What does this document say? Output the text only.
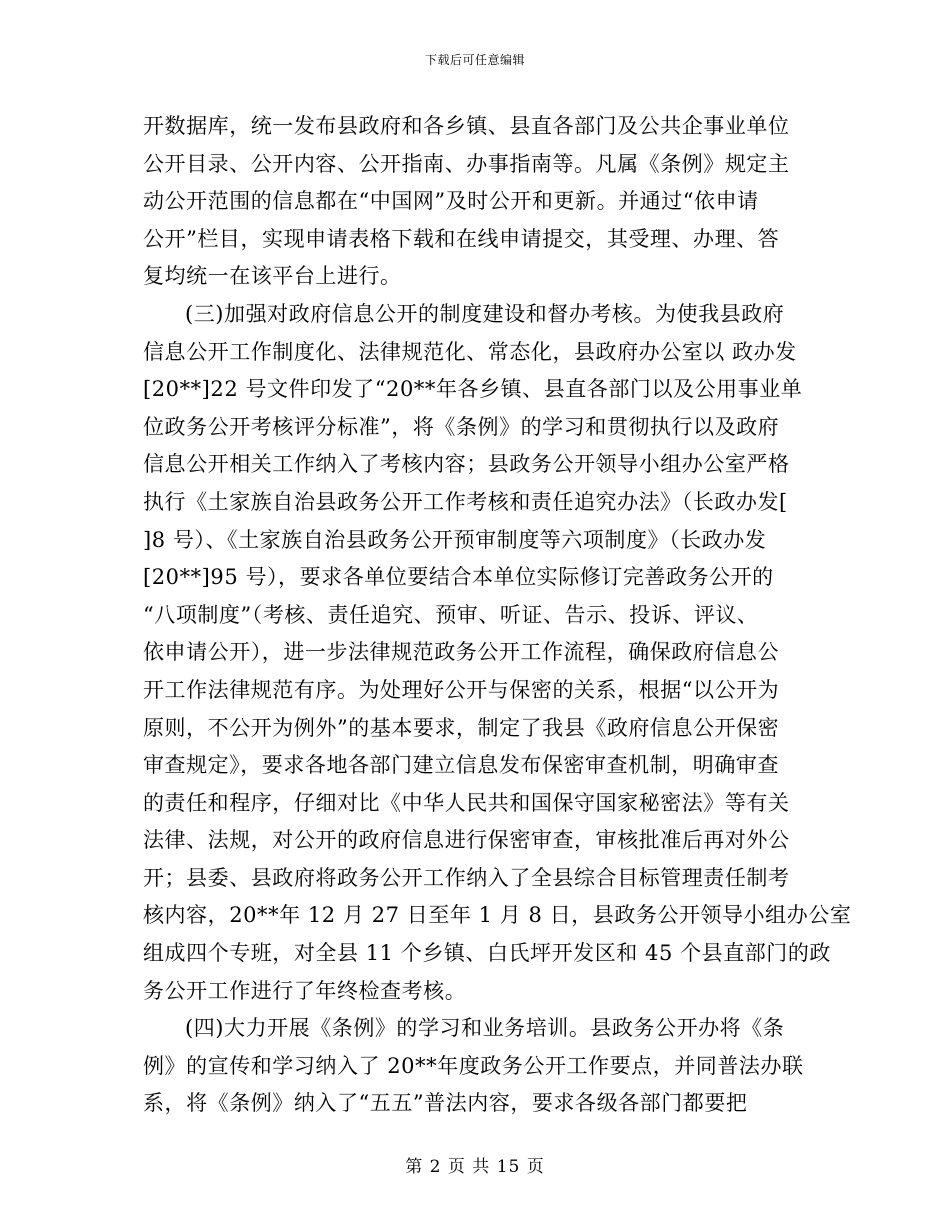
下载后可任意编辑
开数据库，统一发布县政府和各乡镇、县直各部门及公共企事业单位
公开目录、公开内容、公开指南、办事指南等。凡属《条例》规定主
动公开范围的信息都在“中国网”及时公开和更新。并通过“依申请
公开”栏目，实现申请表格下载和在线申请提交，其受理、办理、答
复均统一在该平台上进行。
(三)加强对政府信息公开的制度建设和督办考核。为使我县政府
信息公开工作制度化、法律规范化、常态化，县政府办公室以 政办发
[20**]22 号文件印发了“20**年各乡镇、县直各部门以及公用事业单
位政务公开考核评分标准”，将《条例》的学习和贯彻执行以及政府
信息公开相关工作纳入了考核内容；县政务公开领导小组办公室严格
执行《土家族自治县政务公开工作考核和责任追究办法》（长政办发[
]8 号）、《土家族自治县政务公开预审制度等六项制度》（长政办发
[20**]95 号），要求各单位要结合本单位实际修订完善政务公开的
“八项制度”（考核、责任追究、预审、听证、告示、投诉、评议、
依申请公开），进一步法律规范政务公开工作流程，确保政府信息公
开工作法律规范有序。为处理好公开与保密的关系，根据“以公开为
原则，不公开为例外”的基本要求，制定了我县《政府信息公开保密
审查规定》，要求各地各部门建立信息发布保密审查机制，明确审查
的责任和程序，仔细对比《中华人民共和国保守国家秘密法》等有关
法律、法规，对公开的政府信息进行保密审查，审核批准后再对外公
开；县委、县政府将政务公开工作纳入了全县综合目标管理责任制考
核内容，20**年 12 月 27 日至年 1 月 8 日，县政务公开领导小组办公室
组成四个专班，对全县 11 个乡镇、白氏坪开发区和 45 个县直部门的政
务公开工作进行了年终检查考核。
(四)大力开展《条例》的学习和业务培训。县政务公开办将《条
例》的宣传和学习纳入了 20**年度政务公开工作要点，并同普法办联
系，将《条例》纳入了“五五”普法内容，要求各级各部门都要把
第 2 页 共 15 页
